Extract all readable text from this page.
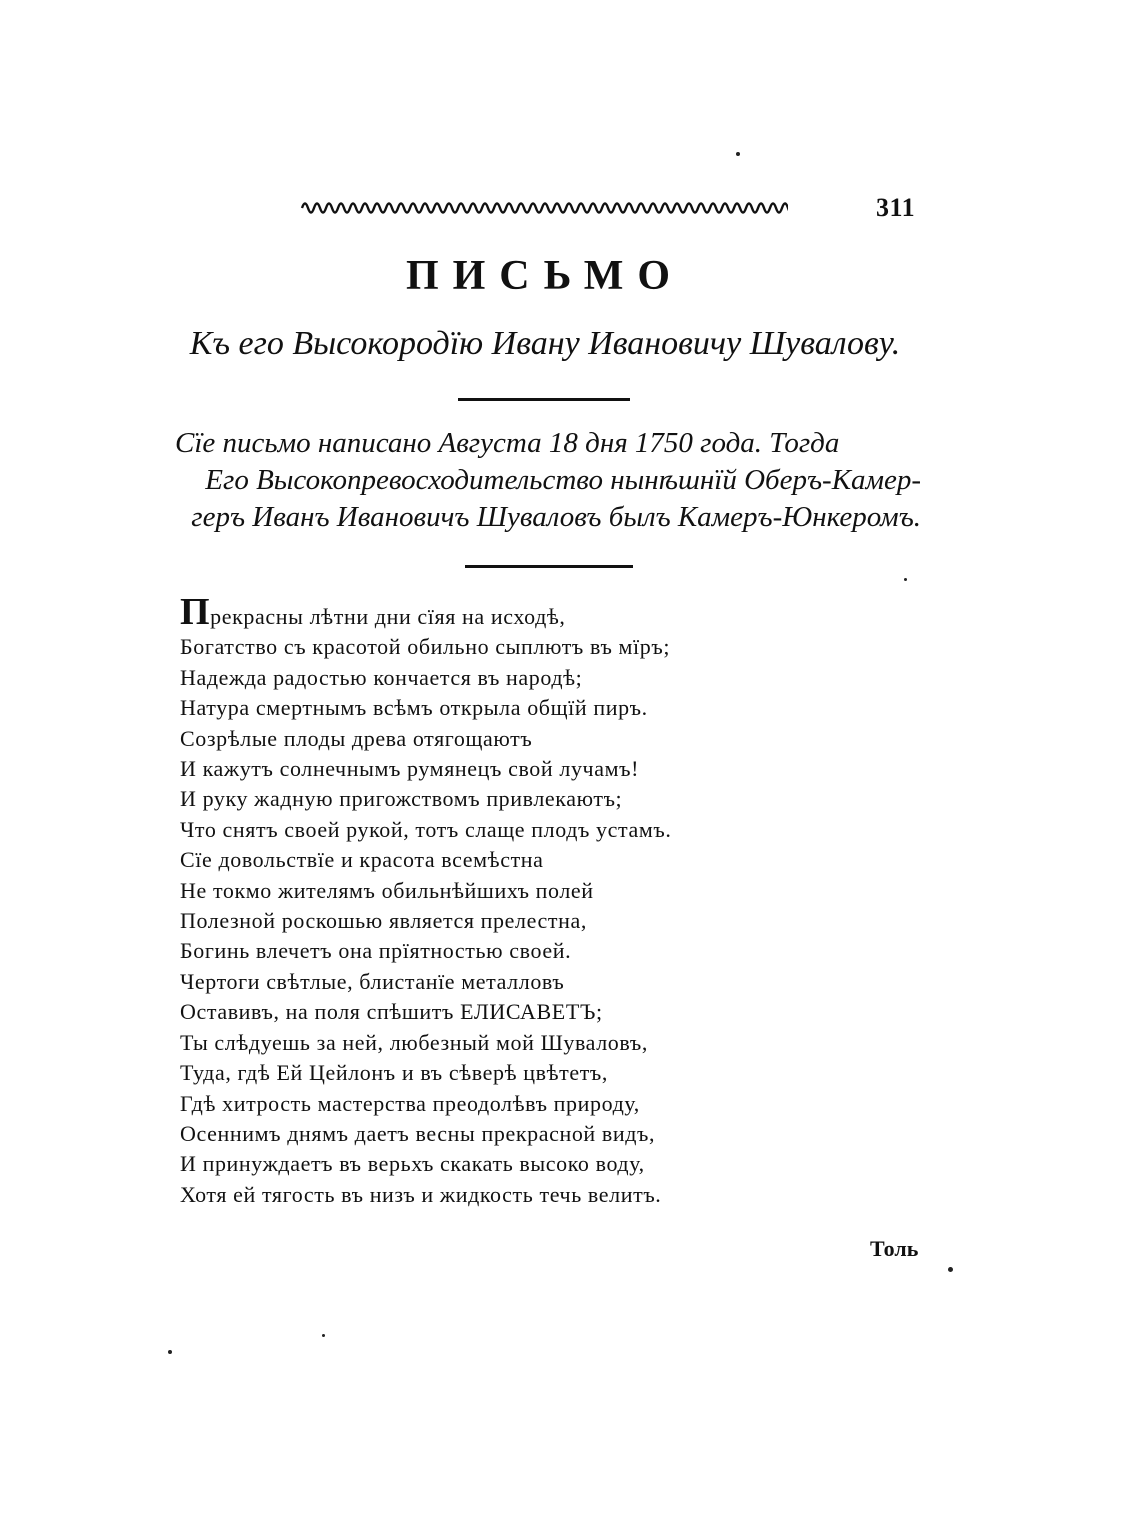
311
ПИСЬМО
Къ его Высокородїю Ивану Ивановичу Шувалову.
Сїе письмо написано Августа 18 дня 1750 года. Тогда
Его Высокопревосходительство нынѣшнїй Оберъ-Камер-
геръ Иванъ Ивановичъ Шуваловъ былъ Камеръ-Юнкеромъ.
Прекрасны лѣтни дни сїяя на исходѣ,
Богатство съ красотой обильно сыплютъ въ мїръ;
Надежда радостью кончается въ народѣ;
Натура смертнымъ всѣмъ открыла общїй пиръ.
Созрѣлые плоды древа отягощаютъ
И кажутъ солнечнымъ румянецъ свой лучамъ!
И руку жадную пригожствомъ привлекаютъ;
Что снятъ своей рукой, тотъ слаще плодъ устамъ.
Сїе довольствїе и красота всемѣстна
Не токмо жителямъ обильнѣйшихъ полей
Полезной роскошью является прелестна,
Богинь влечетъ она прїятностью своей.
Чертоги свѣтлые, блистанїе металловъ
Оставивъ, на поля спѣшитъ ЕЛИСАВЕТЪ;
Ты слѣдуешь за ней, любезный мой Шуваловъ,
Туда, гдѣ Ей Цейлонъ и въ сѣверѣ цвѣтетъ,
Гдѣ хитрость мастерства преодолѣвъ природу,
Осеннимъ днямъ даетъ весны прекрасной видъ,
И принуждаетъ въ верьхъ скакать высоко воду,
Хотя ей тягость въ низъ и жидкость течь велитъ.
Толь
